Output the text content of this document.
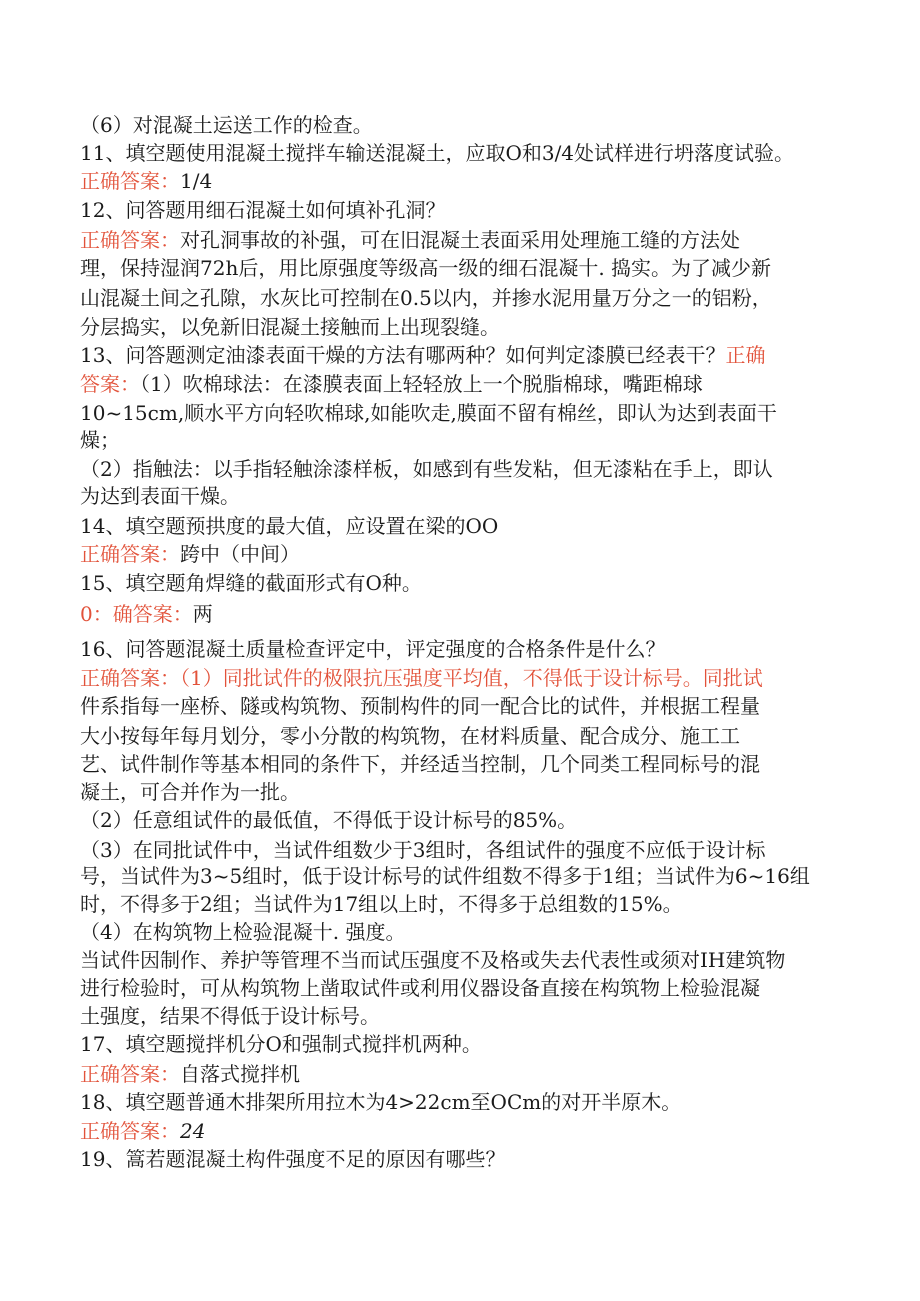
（6）对混凝土运送工作的检查。
11、填空题使用混凝土搅拌车输送混凝土，应取O和3/4处试样进行坍落度试验。
正确答案：1/4
12、问答题用细石混凝土如何填补孔洞？
正确答案：对孔洞事故的补强，可在旧混凝土表面采用处理施工缝的方法处
理，保持湿润72h后，用比原强度等级高一级的细石混凝十. 捣实。为了减少新
山混凝土间之孔隙，水灰比可控制在0.5以内，并掺水泥用量万分之一的铝粉，
分层捣实，以免新旧混凝土接触而上出现裂缝。
13、问答题测定油漆表面干燥的方法有哪两种？如何判定漆膜已经表干？正确
答案：（1）吹棉球法：在漆膜表面上轻轻放上一个脱脂棉球，嘴距棉球
10~15cm,顺水平方向轻吹棉球,如能吹走,膜面不留有棉丝，即认为达到表面干
燥；
（2）指触法：以手指轻触涂漆样板，如感到有些发粘，但无漆粘在手上，即认
为达到表面干燥。
14、填空题预拱度的最大值，应设置在梁的OO
正确答案：跨中（中间）
15、填空题角焊缝的截面形式有O种。
0：确答案：两
16、问答题混凝土质量检查评定中，评定强度的合格条件是什么？
正确答案：（1）同批试件的极限抗压强度平均值，不得低于设计标号。同批试
件系指每一座桥、隧或构筑物、预制构件的同一配合比的试件，并根据工程量
大小按每年每月划分，零小分散的构筑物，在材料质量、配合成分、施工工
艺、试件制作等基本相同的条件下，并经适当控制，几个同类工程同标号的混
凝土，可合并作为一批。
（2）任意组试件的最低值，不得低于设计标号的85%。
（3）在同批试件中，当试件组数少于3组时，各组试件的强度不应低于设计标
号，当试件为3~5组时，低于设计标号的试件组数不得多于1组；当试件为6~16组
时，不得多于2组；当试件为17组以上时，不得多于总组数的15%。
（4）在构筑物上检验混凝十. 强度。
当试件因制作、养护等管理不当而试压强度不及格或失去代表性或须对IH建筑物
进行检验时，可从构筑物上凿取试件或利用仪器设备直接在构筑物上检验混凝
土强度，结果不得低于设计标号。
17、填空题搅拌机分O和强制式搅拌机两种。
正确答案：自落式搅拌机
18、填空题普通木排架所用拉木为4>22cm至OCm的对开半原木。
正确答案：24
19、篙若题混凝土构件强度不足的原因有哪些？
